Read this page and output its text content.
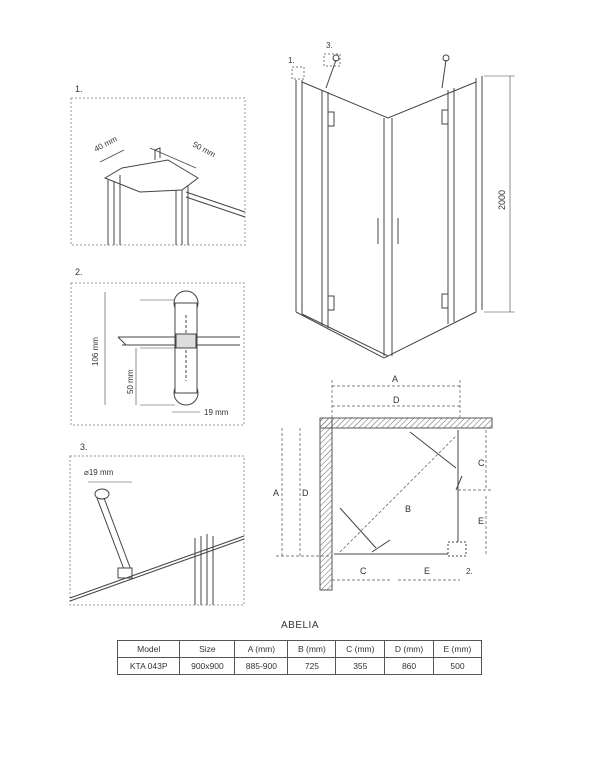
1.
40 mm	50 mm
2.
106 mm
50 mm
19 mm
3.
⌀19 mm
1.
3.
2000
A
D
A	D
B
C
E
C	E	2.
ABELIA
Model	Size	A (mm)	B (mm)	C (mm)	D (mm)	E (mm)
KTA 043P	900x900	885-900	725	355	860	500
